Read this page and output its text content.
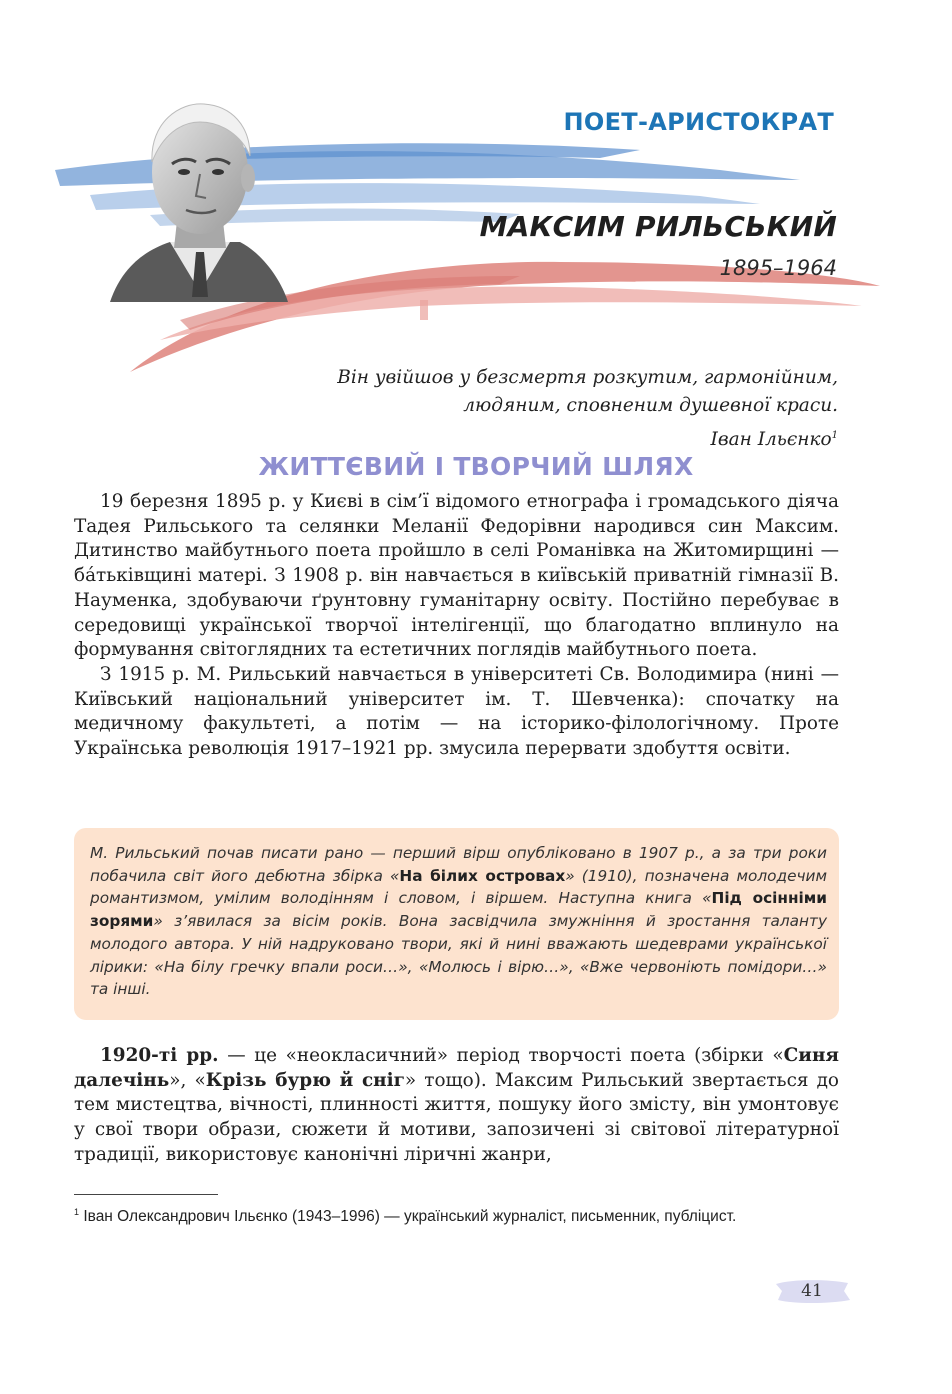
ПОЕТ-АРИСТОКРАТ
МАКСИМ РИЛЬСЬКИЙ
1895–1964
Він увійшов у безсмертя розкутим, гармонійним,
людяним, сповненим душевної краси.
Іван Ільєнко$^1$
ЖИТТЄВИЙ І ТВОРЧИЙ ШЛЯХ

19 березня 1895 р. у Києві в сім’ї відомого етнографа і громадського діяча Тадея Рильського та селянки Меланії Федорівни народився син Максим. Дитинство майбутнього поета пройшло в селі Романівка на Житомирщині — ба́тьківщині матері. З 1908 р. він навчається в київській приватній гімназії В. Науменка, здобуваючи ґрунтовну гуманітарну освіту. Постійно перебуває в середовищі української творчої інтелігенції, що благодатно вплинуло на формування світоглядних та естетичних поглядів майбутнього поета.

З 1915 р. М. Рильський навчається в університеті Св. Володимира (нині — Київський національний університет ім. Т. Шевченка): спочатку на медичному факультеті, а потім — на історико-філологічному. Проте Українська революція 1917–1921 рр. змусила перервати здобуття освіти.

М. Рильський почав писати рано — перший вірш опубліковано в 1907 р., а за три роки побачила світ його дебютна збірка «На білих островах» (1910), позначена молодечим романтизмом, умілим володінням і словом, і віршем. Наступна книга «Під осінніми зорями» з’явилася за вісім років. Вона засвідчила змужніння й зростання таланту молодого автора. У ній надруковано твори, які й нині вважають шедеврами української лірики: «На білу гречку впали роси…», «Молюсь і вірю…», «Вже червоніють помідори…» та інші.

1920-ті рр. — це «неокласичний» період творчості поета (збірки «Синя далечінь», «Крізь бурю й сніг» тощо). Максим Рильський звертається до тем мистецтва, вічності, плинності життя, пошуку його змісту, він умонтовує у свої твори образи, сюжети й мотиви, запозичені зі світової літературної традиції, використовує канонічні ліричні жанри,

$^1$ Іван Олександрович Ільєнко (1943–1996) — український журналіст, письменник, публіцист.
41
